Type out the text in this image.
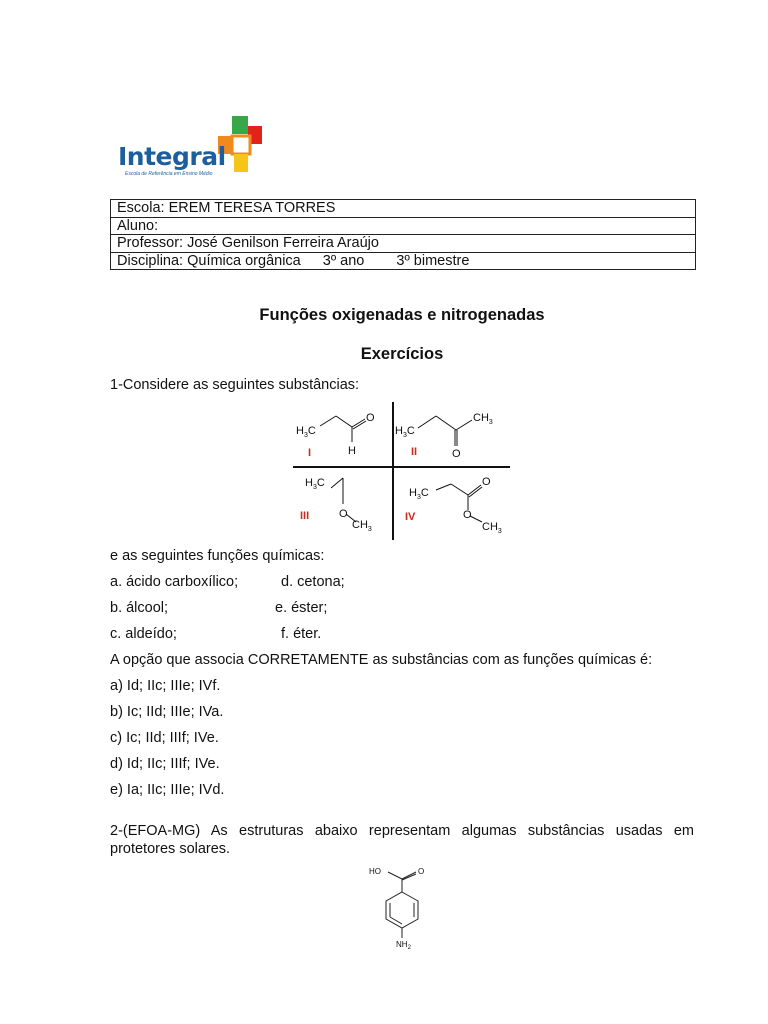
Integral
Escola de Referência em Ensino Médio
Escola: EREM TERESA TORRES
Aluno:
Professor: José Genilson Ferreira Araújo
Disciplina: Química orgânica 3º ano 3º bimestre
Funções oxigenadas e nitrogenadas
Exercícios
1-Considere as seguintes substâncias:
$H_3C$
O
H
$H_3C$
$CH_3$
O
$H_3C$
O
$CH_3$
$H_3C$
O
O
$CH_3$
I	II
III	IV
e as seguintes funções químicas:
a. ácido carboxílico;	d. cetona;
b. álcool;	e. éster;
c. aldeído;	f. éter.
A opção que associa CORRETAMENTE as substâncias com as funções químicas é:
a) Id; IIc; IIIe; IVf.
b) Ic; IId; IIIe; IVa.
c) Ic; IId; IIIf; IVe.
d) Id; IIc; IIIf; IVe.
e) Ia; IIc; IIIe; IVd.
2-(EFOA-MG) As estruturas abaixo representam algumas substâncias usadas em protetores solares.
HO	O
$NH_2$
